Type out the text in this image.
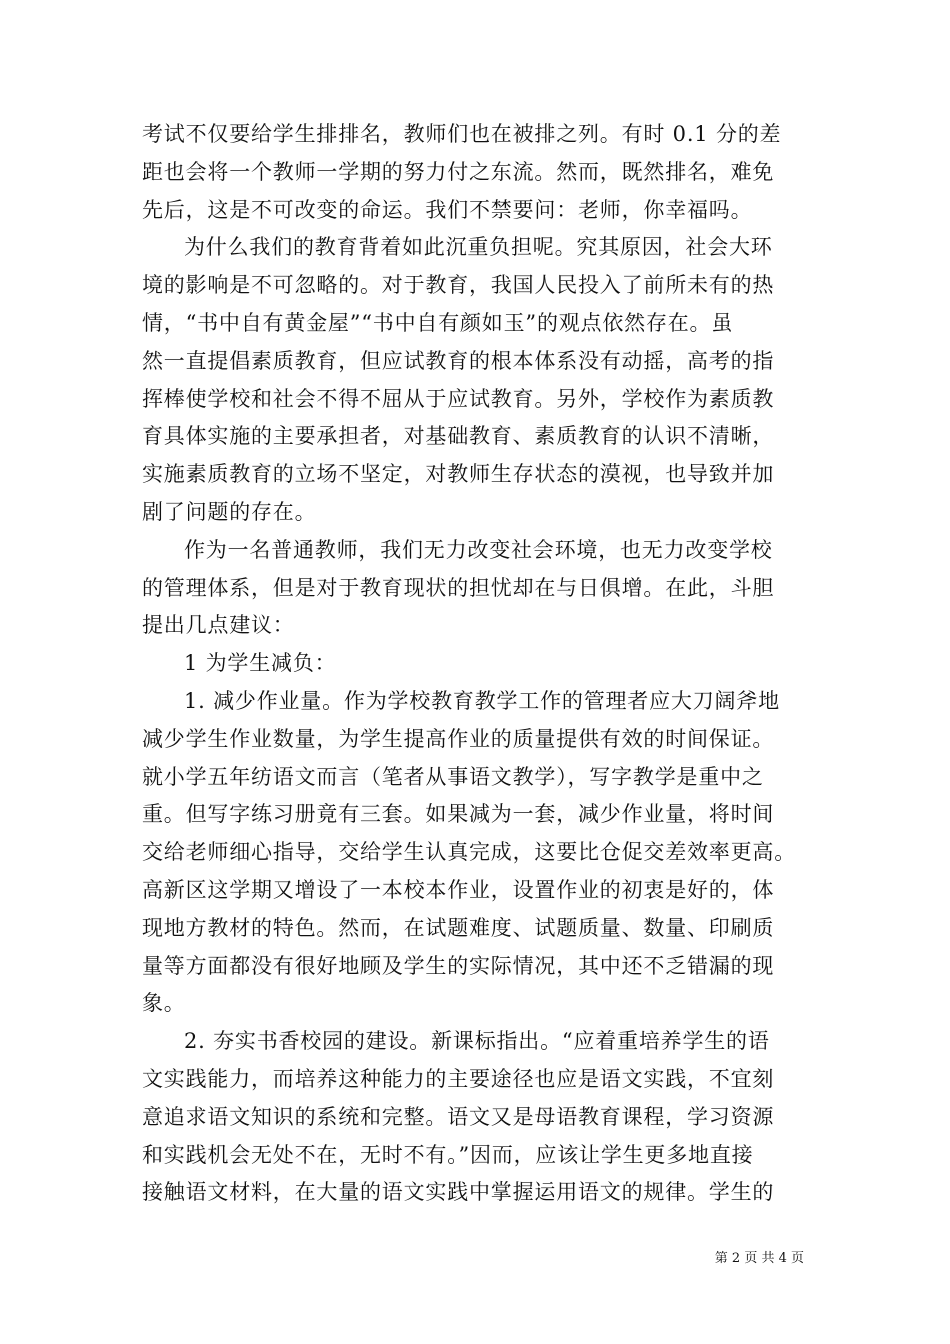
考试不仅要给学生排排名，教师们也在被排之列。有时 0.1 分的差
距也会将一个教师一学期的努力付之东流。然而，既然排名，难免
先后，这是不可改变的命运。我们不禁要问：老师，你幸福吗。

为什么我们的教育背着如此沉重负担呢。究其原因，社会大环
境的影响是不可忽略的。对于教育，我国人民投入了前所未有的热
情，“书中自有黄金屋”“书中自有颜如玉”的观点依然存在。虽
然一直提倡素质教育，但应试教育的根本体系没有动摇，高考的指
挥棒使学校和社会不得不屈从于应试教育。另外，学校作为素质教
育具体实施的主要承担者，对基础教育、素质教育的认识不清晰，
实施素质教育的立场不坚定，对教师生存状态的漠视，也导致并加
剧了问题的存在。

作为一名普通教师，我们无力改变社会环境，也无力改变学校
的管理体系，但是对于教育现状的担忧却在与日俱增。在此，斗胆
提出几点建议：

1 为学生减负：

1. 减少作业量。作为学校教育教学工作的管理者应大刀阔斧地
减少学生作业数量，为学生提高作业的质量提供有效的时间保证。
就小学五年纺语文而言（笔者从事语文教学），写字教学是重中之
重。但写字练习册竟有三套。如果减为一套，减少作业量，将时间
交给老师细心指导，交给学生认真完成，这要比仓促交差效率更高。
高新区这学期又增设了一本校本作业，设置作业的初衷是好的，体
现地方教材的特色。然而，在试题难度、试题质量、数量、印刷质
量等方面都没有很好地顾及学生的实际情况，其中还不乏错漏的现
象。

2. 夯实书香校园的建设。新课标指出。“应着重培养学生的语
文实践能力，而培养这种能力的主要途径也应是语文实践，不宜刻
意追求语文知识的系统和完整。语文又是母语教育课程，学习资源
和实践机会无处不在，无时不有。”因而，应该让学生更多地直接
接触语文材料，在大量的语文实践中掌握运用语文的规律。学生的

第 2 页 共 4 页
